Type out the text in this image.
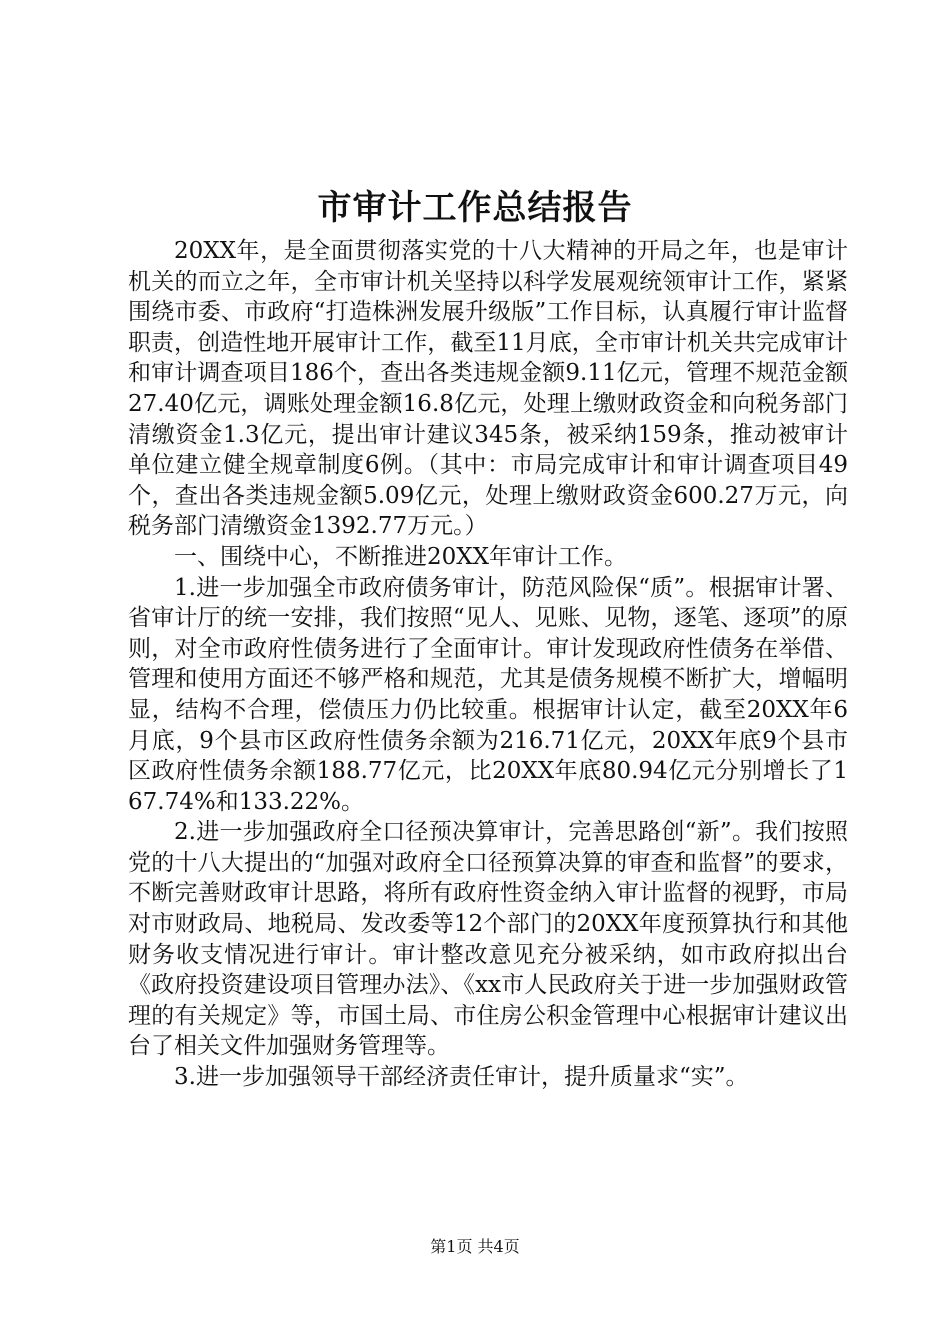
市审计工作总结报告

20XX年，是全面贯彻落实党的十八大精神的开局之年，也是审计机关的而立之年，全市审计机关坚持以科学发展观统领审计工作，紧紧围绕市委、市政府“打造株洲发展升级版”工作目标，认真履行审计监督职责，创造性地开展审计工作，截至11月底，全市审计机关共完成审计和审计调查项目186个，查出各类违规金额9.11亿元，管理不规范金额27.40亿元，调账处理金额16.8亿元，处理上缴财政资金和向税务部门清缴资金1.3亿元，提出审计建议345条，被采纳159条，推动被审计单位建立健全规章制度6例。（其中：市局完成审计和审计调查项目49个，查出各类违规金额5.09亿元，处理上缴财政资金600.27万元，向税务部门清缴资金1392.77万元。）

一、围绕中心，不断推进20XX年审计工作。

1.进一步加强全市政府债务审计，防范风险保“质”。根据审计署、省审计厅的统一安排，我们按照“见人、见账、见物，逐笔、逐项”的原则，对全市政府性债务进行了全面审计。审计发现政府性债务在举借、管理和使用方面还不够严格和规范，尤其是债务规模不断扩大，增幅明显，结构不合理，偿债压力仍比较重。根据审计认定，截至20XX年6月底，9个县市区政府性债务余额为216.71亿元，20XX年底9个县市区政府性债务余额188.77亿元，比20XX年底80.94亿元分别增长了167.74%和133.22%。

2.进一步加强政府全口径预决算审计，完善思路创“新”。我们按照党的十八大提出的“加强对政府全口径预算决算的审查和监督”的要求，不断完善财政审计思路，将所有政府性资金纳入审计监督的视野，市局对市财政局、地税局、发改委等12个部门的20XX年度预算执行和其他财务收支情况进行审计。审计整改意见充分被采纳，如市政府拟出台《政府投资建设项目管理办法》、《xx市人民政府关于进一步加强财政管理的有关规定》等，市国土局、市住房公积金管理中心根据审计建议出台了相关文件加强财务管理等。

3.进一步加强领导干部经济责任审计，提升质量求“实”。

第1页 共4页
